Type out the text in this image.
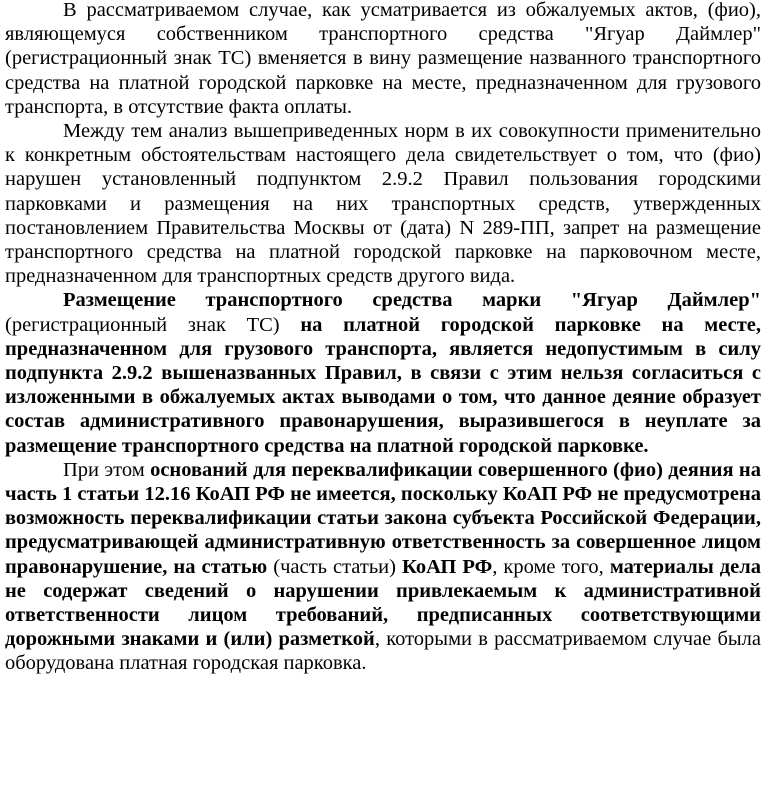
В рассматриваемом случае, как усматривается из обжалуемых актов, (фио), являющемуся собственником транспортного средства "Ягуар Даймлер" (регистрационный знак ТС) вменяется в вину размещение названного транспортного средства на платной городской парковке на месте, предназначенном для грузового транспорта, в отсутствие факта оплаты.

Между тем анализ вышеприведенных норм в их совокупности применительно к конкретным обстоятельствам настоящего дела свидетельствует о том, что (фио) нарушен установленный подпунктом 2.9.2 Правил пользования городскими парковками и размещения на них транспортных средств, утвержденных постановлением Правительства Москвы от (дата) N 289-ПП, запрет на размещение транспортного средства на платной городской парковке на парковочном месте, предназначенном для транспортных средств другого вида.

Размещение транспортного средства марки "Ягуар Даймлер" (регистрационный знак ТС) на платной городской парковке на месте, предназначенном для грузового транспорта, является недопустимым в силу подпункта 2.9.2 вышеназванных Правил, в связи с этим нельзя согласиться с изложенными в обжалуемых актах выводами о том, что данное деяние образует состав административного правонарушения, выразившегося в неуплате за размещение транспортного средства на платной городской парковке.

При этом оснований для переквалификации совершенного (фио) деяния на часть 1 статьи 12.16 КоАП РФ не имеется, поскольку КоАП РФ не предусмотрена возможность переквалификации статьи закона субъекта Российской Федерации, предусматривающей административную ответственность за совершенное лицом правонарушение, на статью (часть статьи) КоАП РФ, кроме того, материалы дела не содержат сведений о нарушении привлекаемым к административной ответственности лицом требований, предписанных соответствующими дорожными знаками и (или) разметкой, которыми в рассматриваемом случае была оборудована платная городская парковка.
